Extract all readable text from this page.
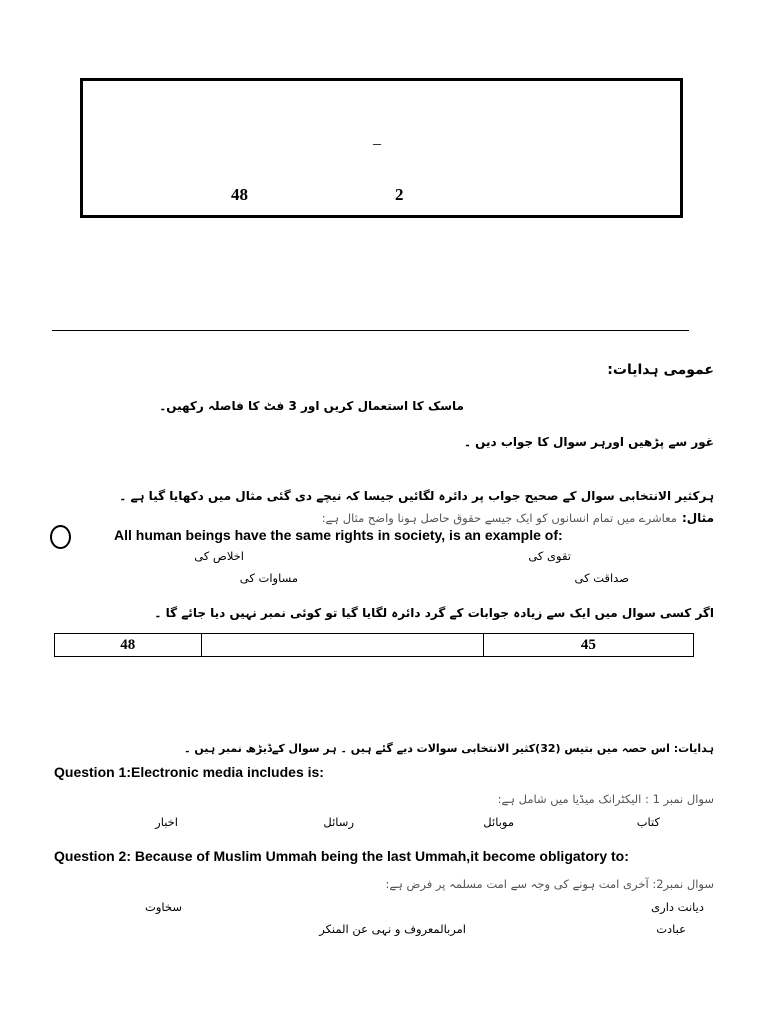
_
48	2
عمومی ہدایات:
ماسک کا استعمال کریں اور 3 فٹ کا فاصلہ رکھیں۔
غور سے پڑھیں اورہر سوال کا جواب دیں ۔
ہرکثیر الانتخابی سوال کے صحیح جواب پر دائرہ لگائیں جیسا کہ نیچے دی گئی مثال میں دکھایا گیا ہے ۔
مثال: معاشرے میں تمام انسانوں کو ایک جیسے حقوق حاصل ہونا واضح مثال ہے:
All human beings have the same rights in society, is an example of:
تقوی کی
اخلاص کی
صداقت کی
مساوات کی
اگر کسی سوال میں ایک سے زیادہ جوابات کے گرد دائرہ لگایا گیا تو کوئی نمبر نہیں دیا جائے گا ۔
48		45
ہدایات: اس حصہ میں بتیس (32)کثیر الانتخابی سوالات دیے گئے ہیں ۔ ہر سوال کےڈیڑھ نمبر ہیں ۔
Question 1:Electronic media includes is:
سوال نمبر 1 : الیکٹرانک میڈیا میں شامل ہے:
کتاب
موبائل
رسائل
اخبار
Question 2: Because of Muslim Ummah being the last Ummah,it become obligatory to:
سوال نمبر2: آخری امت ہونے کی وجہ سے امت مسلمہ پر فرض ہے:
دیانت داری
سخاوت
عبادت
امربالمعروف و نہی عن المنکر
